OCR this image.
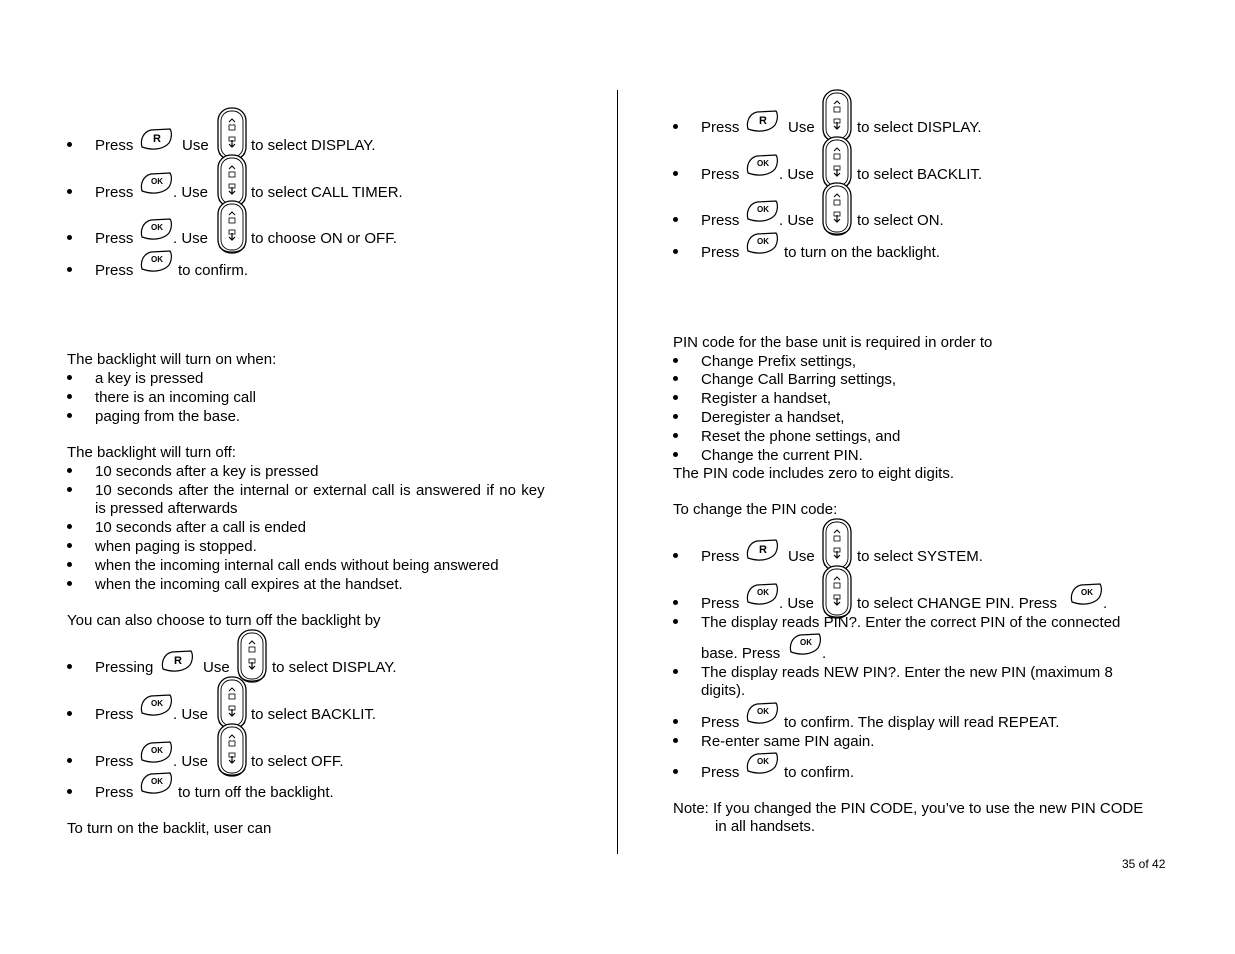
Press	Use	to select DISPLAY.
Press	. Use	to select CALL TIMER.
Press	. Use	to choose ON or OFF.
Press	to confirm.
The backlight will turn on when:
a key is pressed
there is an incoming call
paging from the base.
The backlight will turn off:
10 seconds after a key is pressed
10 seconds after the internal or external call is answered if no key
is pressed afterwards
10 seconds after a call is ended
when paging is stopped.
when the incoming internal call ends without being answered
when the incoming call expires at the handset.
You can also choose to turn off the backlight by
Pressing	Use	to select DISPLAY.
Press	. Use	to select BACKLIT.
Press	. Use	to select OFF.
Press	to turn off the backlight.
To turn on the backlit, user can
Press	Use	to select DISPLAY.
Press	. Use	to select BACKLIT.
Press	. Use	to select ON.
Press	to turn on the backlight.
PIN code for the base unit is required in order to
Change Prefix settings,
Change Call Barring settings,
Register a handset,
Deregister a handset,
Reset the phone settings, and
Change the current PIN.
The PIN code includes zero to eight digits.
To change the PIN code:
Press	Use	to select SYSTEM.
Press	. Use	to select CHANGE PIN. Press	.
The display reads PIN?. Enter the correct PIN of the connected
base. Press	.
The display reads NEW PIN?. Enter the new PIN (maximum 8
digits).
Press	to confirm. The display will read REPEAT.
Re-enter same PIN again.
Press	to confirm.
Note: If you changed the PIN CODE, you’ve to use the new PIN CODE
in all handsets.
35 of 42
